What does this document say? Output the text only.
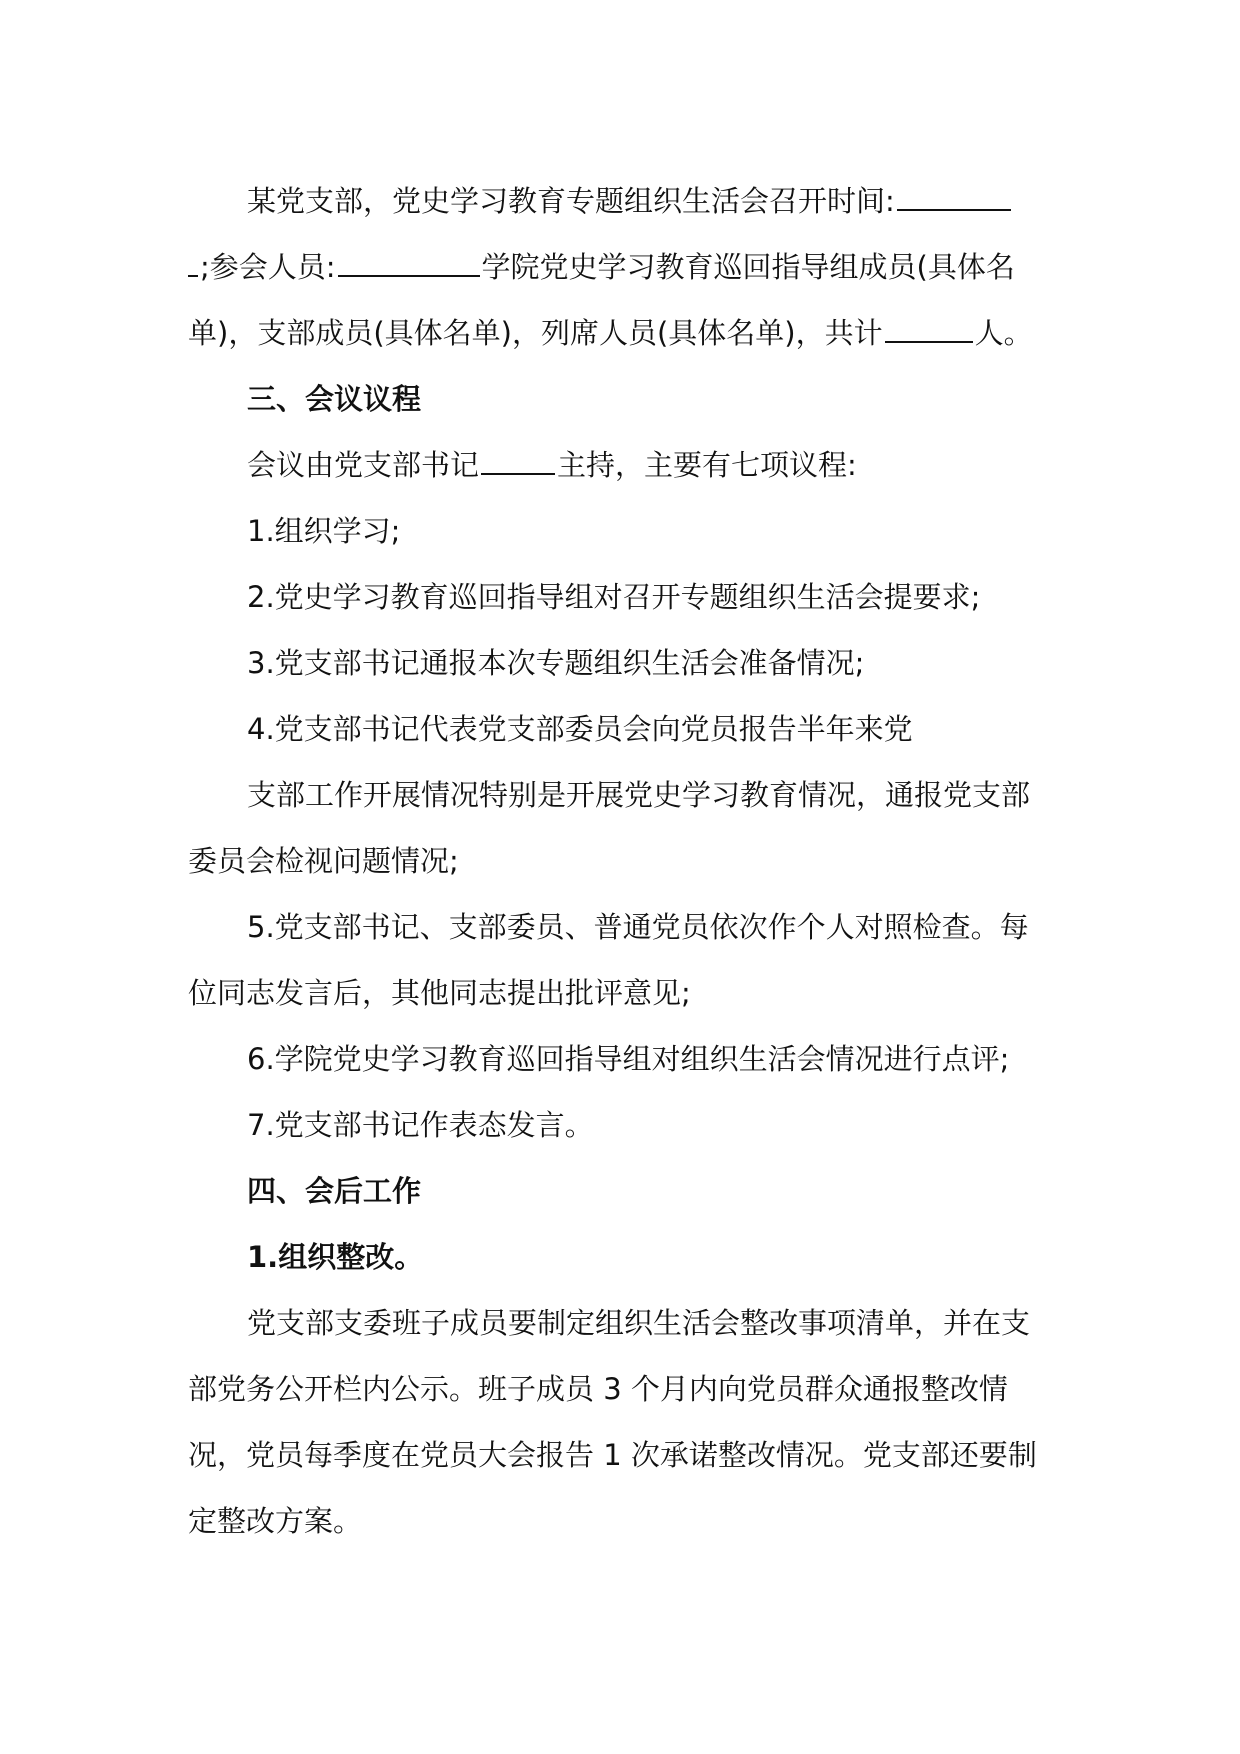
某党支部，党史学习教育专题组织生活会召开时间:

;参会人员:	学院党史学习教育巡回指导组成员(具体名

单)，支部成员(具体名单)，列席人员(具体名单)，共计	人。

三、会议议程

会议由党支部书记	主持，主要有七项议程:

1.组织学习;

2.党史学习教育巡回指导组对召开专题组织生活会提要求;

3.党支部书记通报本次专题组织生活会准备情况;

4.党支部书记代表党支部委员会向党员报告半年来党

支部工作开展情况特别是开展党史学习教育情况，通报党支部

委员会检视问题情况;

5.党支部书记、支部委员、普通党员依次作个人对照检查。每

位同志发言后，其他同志提出批评意见;

6.学院党史学习教育巡回指导组对组织生活会情况进行点评;

7.党支部书记作表态发言。

四、会后工作

1.组织整改。

党支部支委班子成员要制定组织生活会整改事项清单，并在支

部党务公开栏内公示。班子成员 3 个月内向党员群众通报整改情

况，党员每季度在党员大会报告 1 次承诺整改情况。党支部还要制

定整改方案。
